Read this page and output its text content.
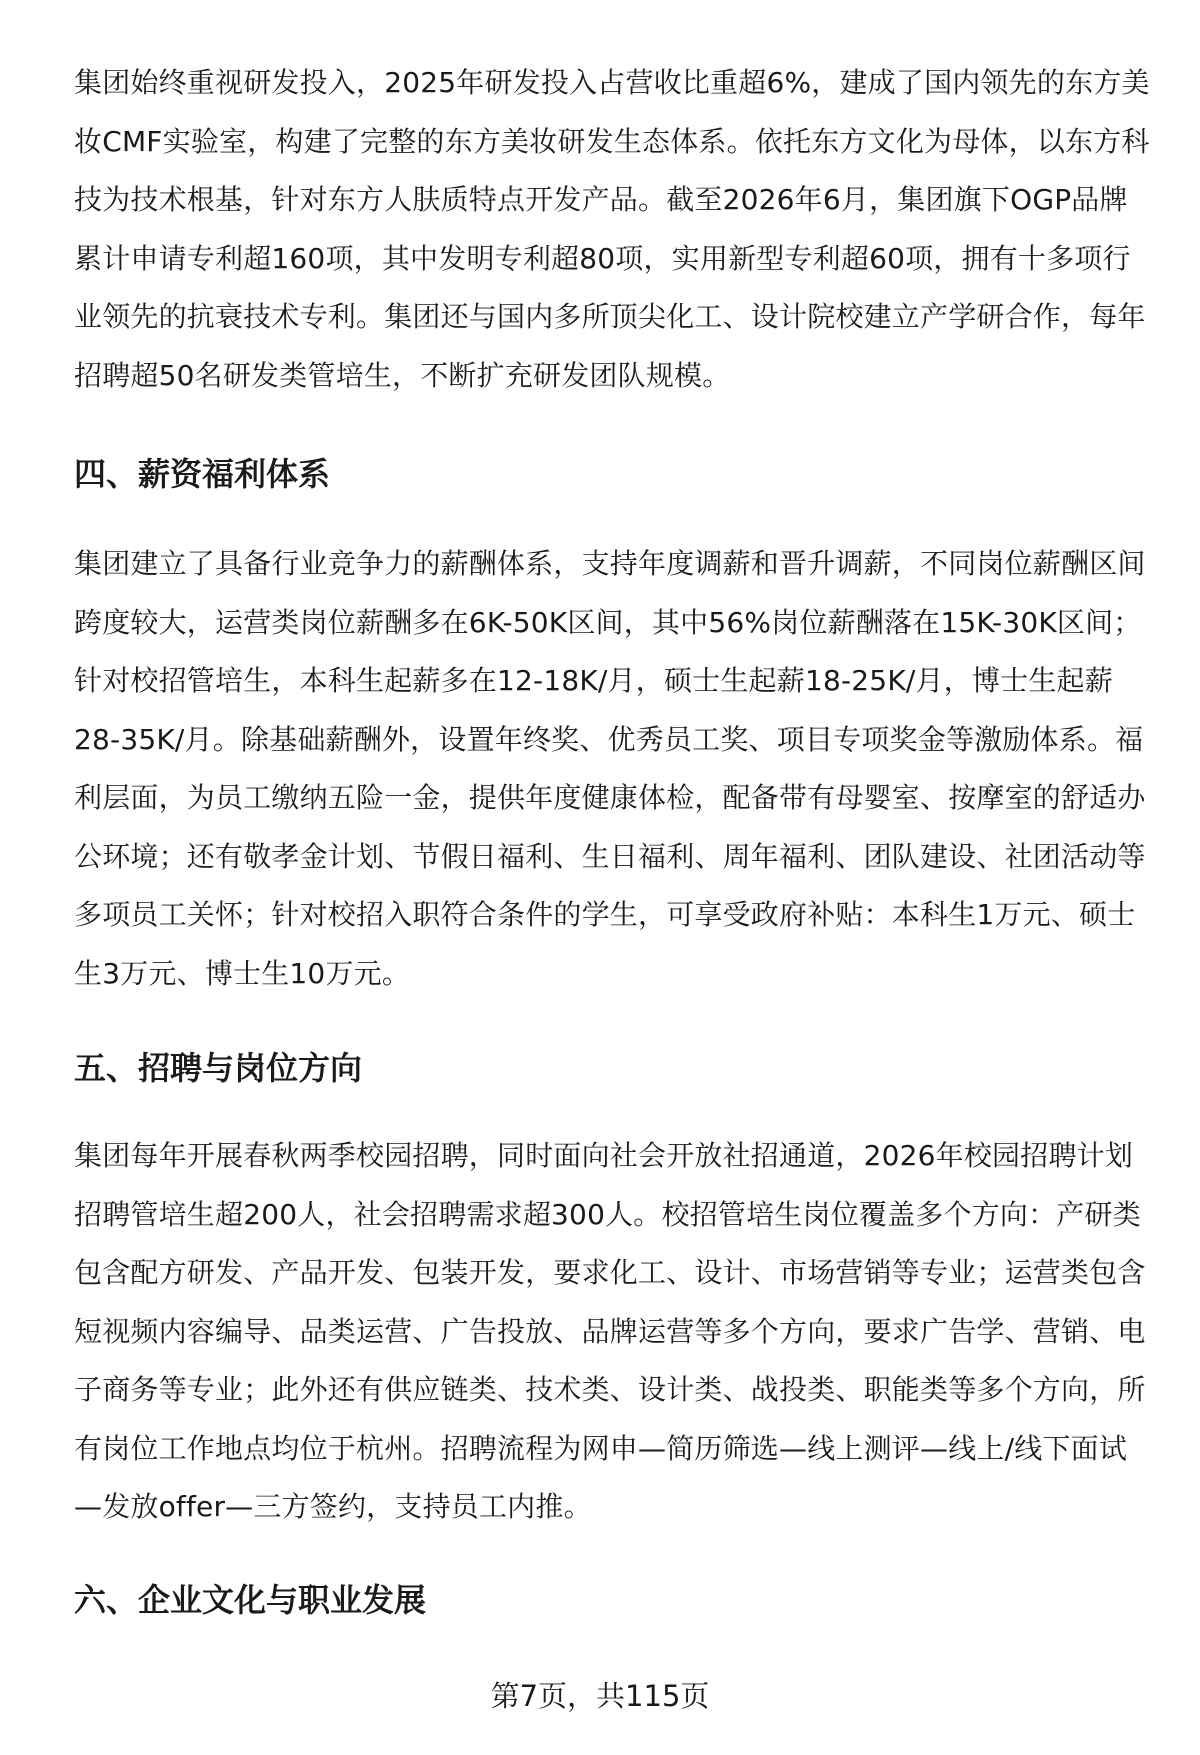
集团始终重视研发投入，2025年研发投入占营收比重超6%，建成了国内领先的东方美妆CMF实验室，构建了完整的东方美妆研发生态体系。依托东方文化为母体，以东方科技为技术根基，针对东方人肤质特点开发产品。截至2026年6月，集团旗下OGP品牌累计申请专利超160项，其中发明专利超80项，实用新型专利超60项，拥有十多项行业领先的抗衰技术专利。集团还与国内多所顶尖化工、设计院校建立产学研合作，每年招聘超50名研发类管培生，不断扩充研发团队规模。

四、薪资福利体系

集团建立了具备行业竞争力的薪酬体系，支持年度调薪和晋升调薪，不同岗位薪酬区间跨度较大，运营类岗位薪酬多在6K-50K区间，其中56%岗位薪酬落在15K-30K区间；针对校招管培生，本科生起薪多在12-18K/月，硕士生起薪18-25K/月，博士生起薪28-35K/月。除基础薪酬外，设置年终奖、优秀员工奖、项目专项奖金等激励体系。福利层面，为员工缴纳五险一金，提供年度健康体检，配备带有母婴室、按摩室的舒适办公环境；还有敬孝金计划、节假日福利、生日福利、周年福利、团队建设、社团活动等多项员工关怀；针对校招入职符合条件的学生，可享受政府补贴：本科生1万元、硕士生3万元、博士生10万元。

五、招聘与岗位方向

集团每年开展春秋两季校园招聘，同时面向社会开放社招通道，2026年校园招聘计划招聘管培生超200人，社会招聘需求超300人。校招管培生岗位覆盖多个方向：产研类包含配方研发、产品开发、包装开发，要求化工、设计、市场营销等专业；运营类包含短视频内容编导、品类运营、广告投放、品牌运营等多个方向，要求广告学、营销、电子商务等专业；此外还有供应链类、技术类、设计类、战投类、职能类等多个方向，所有岗位工作地点均位于杭州。招聘流程为网申—简历筛选—线上测评—线上/线下面试—发放offer—三方签约，支持员工内推。

六、企业文化与职业发展
第7页，共115页
